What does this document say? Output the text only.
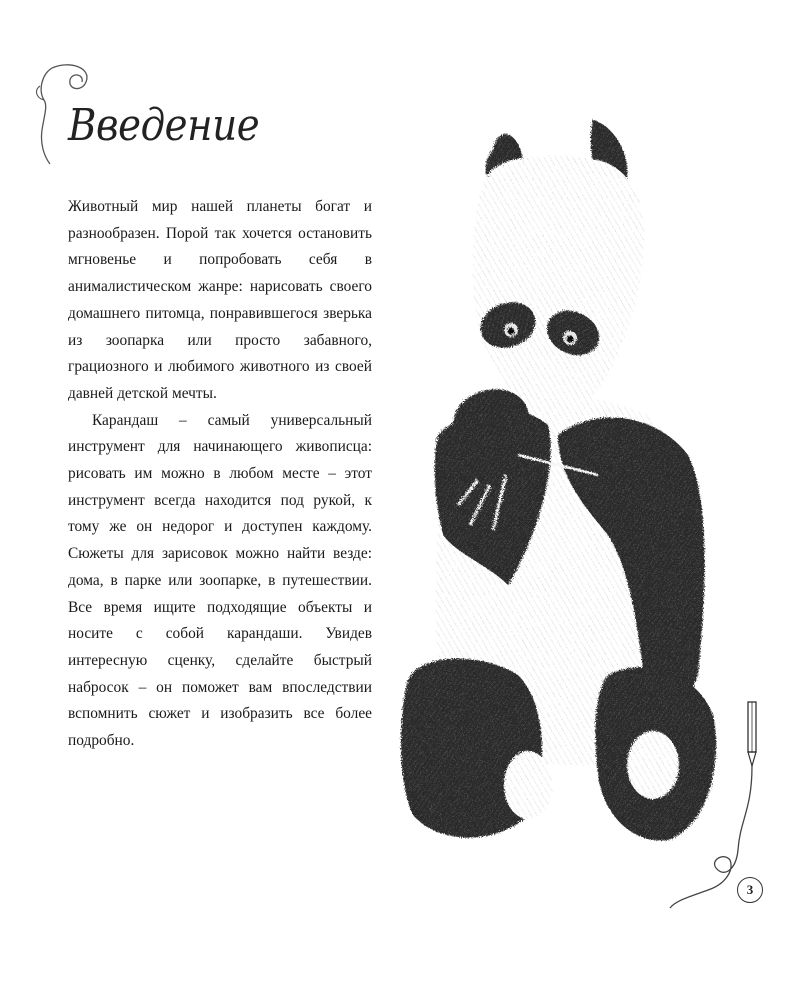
Введение

Животный мир нашей планеты богат и разнообразен. Порой так хочется остановить мгновенье и попробовать себя в анималистическом жанре: нарисовать своего домашнего питомца, понравившегося зверька из зоопарка или просто забавного, грациозного и любимого животного из своей давней детской мечты.

Карандаш – самый универсальный инструмент для начинающего живописца: рисовать им можно в любом месте – этот инструмент всегда находится под рукой, к тому же он недорог и доступен каждому. Сюжеты для зарисовок можно найти везде: дома, в парке или зоопарке, в путешествии. Все время ищите подходящие объекты и носите с собой карандаши. Увидев интересную сценку, сделайте быстрый набросок – он поможет вам впоследствии вспомнить сюжет и изобразить все более подробно.

3
